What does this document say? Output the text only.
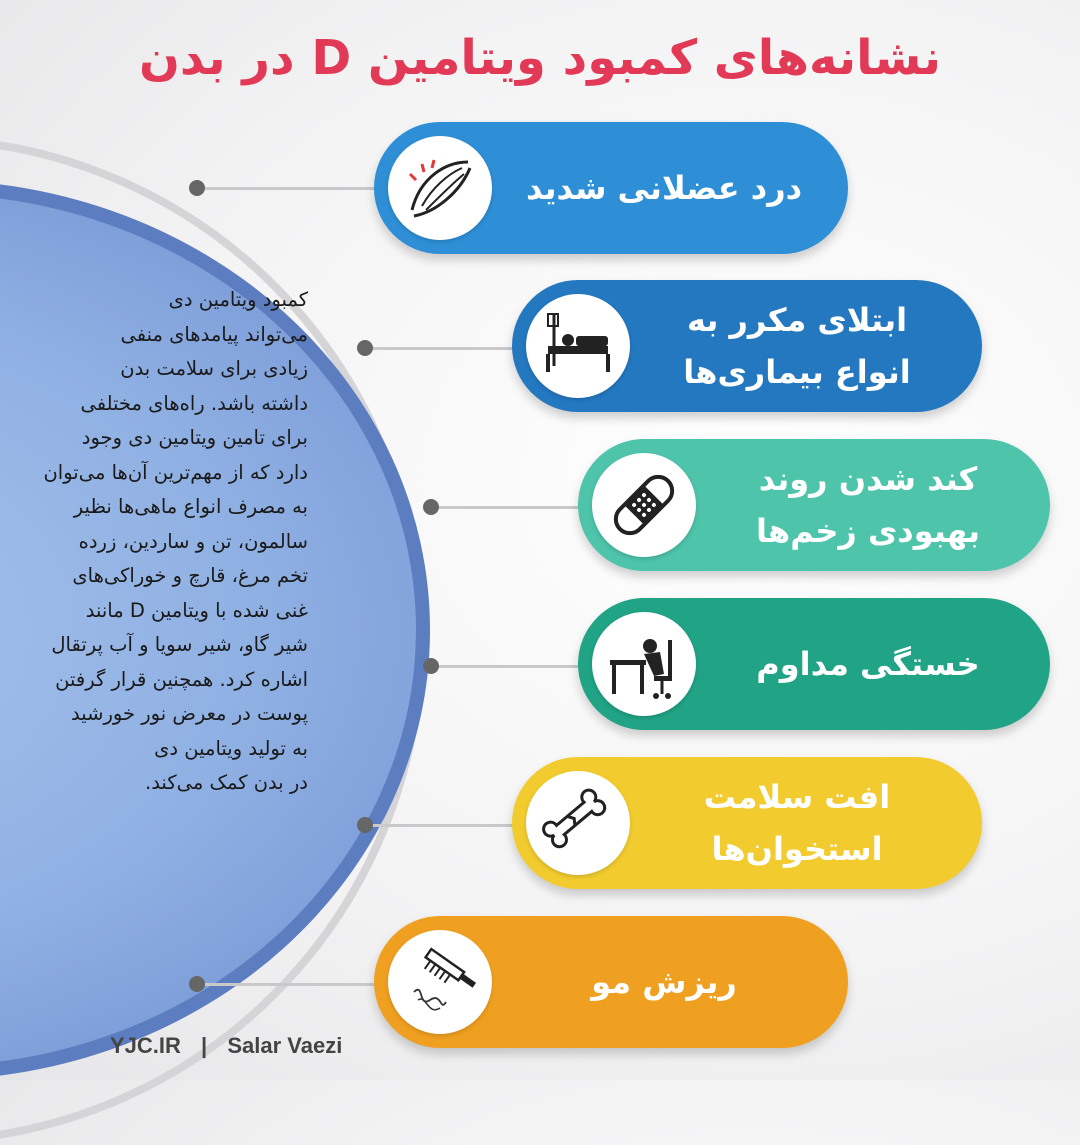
نشانه‌های کمبود ویتامین D در بدن
کمبود ویتامین دی
می‌تواند پیامدهای منفی
زیادی برای سلامت بدن
داشته باشد. راه‌های مختلفی
برای تامین ویتامین دی وجود
دارد که از مهم‌ترین آن‌ها می‌توان
به مصرف انواع ماهی‌ها نظیر
سالمون، تن و ساردین، زرده
تخم مرغ، قارچ و خوراکی‌های
غنی شده با ویتامین D مانند
شیر گاو، شیر سویا و آب پرتقال
اشاره کرد. همچنین قرار گرفتن
پوست در معرض نور خورشید
به تولید ویتامین دی
در بدن کمک می‌کند.
درد عضلانی شدید
ابتلای مکرر به
انواع بیماری‌ها
کند شدن روند
بهبودی زخم‌ها
خستگی مداوم
افت سلامت
استخوان‌ها
ریزش مو
YJC.IR | Salar Vaezi
